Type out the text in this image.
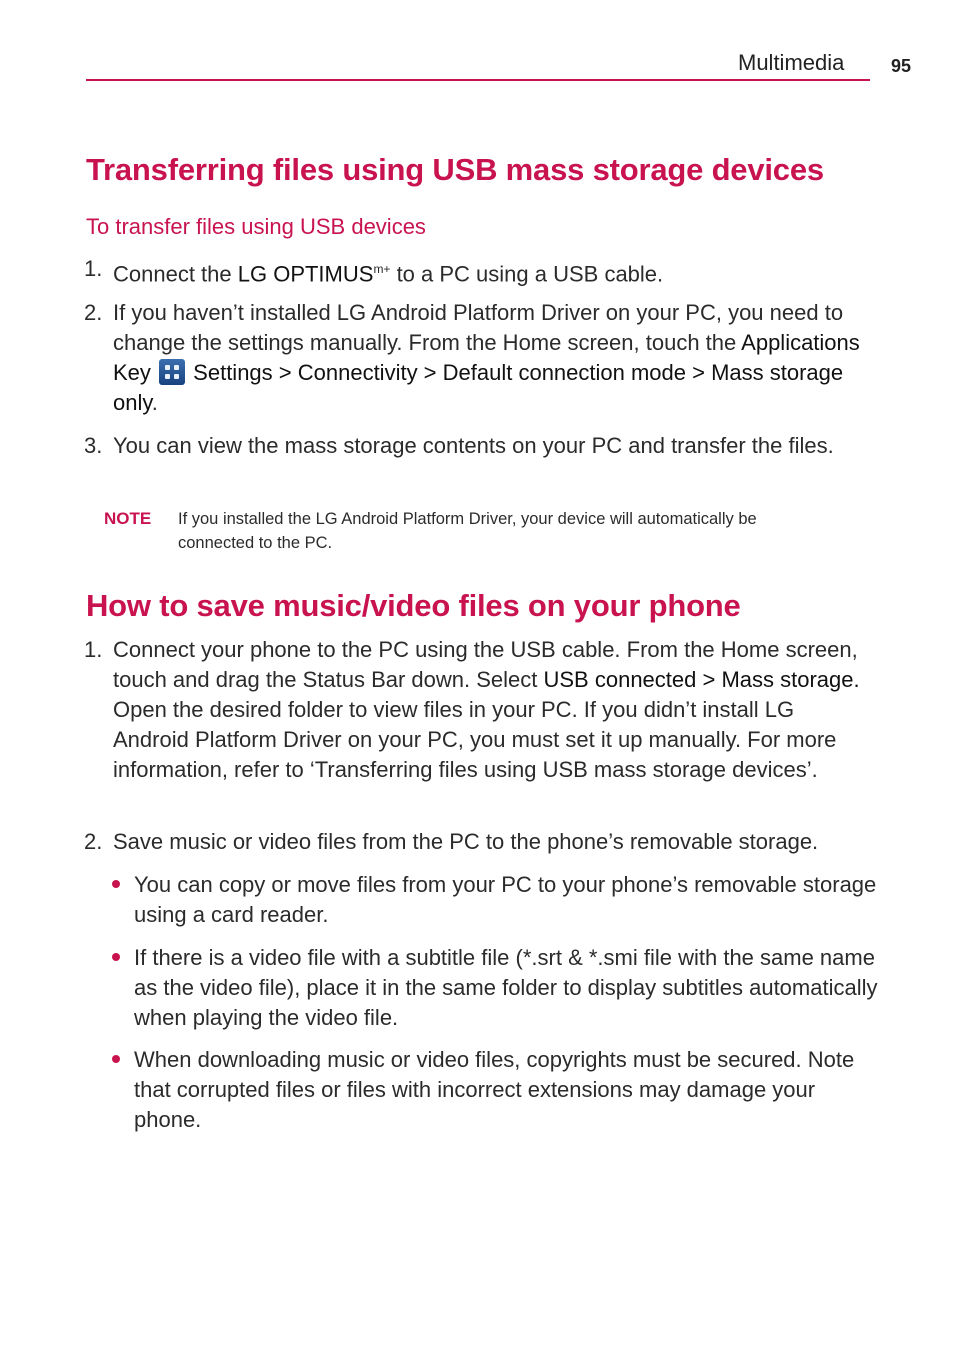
Multimedia	95
Transferring files using USB mass storage devices
To transfer files using USB devices
1. Connect the LG $OPTIMUS^{m+}$ to a PC using a USB cable.
2. If you haven’t installed LG Android Platform Driver on your PC, you need to change the settings manually. From the Home screen, touch the Applications Key Settings > Connectivity > Default connection mode > Mass storage only.
3. You can view the mass storage contents on your PC and transfer the files.
NOTE If you installed the LG Android Platform Driver, your device will automatically be connected to the PC.
How to save music/video files on your phone
1. Connect your phone to the PC using the USB cable. From the Home screen, touch and drag the Status Bar down. Select USB connected > Mass storage. Open the desired folder to view files in your PC. If you didn’t install LG Android Platform Driver on your PC, you must set it up manually. For more information, refer to ‘Transferring files using USB mass storage devices’.
2. Save music or video files from the PC to the phone’s removable storage.
You can copy or move files from your PC to your phone’s removable storage using a card reader.
If there is a video file with a subtitle file (*.srt & *.smi file with the same name as the video file), place it in the same folder to display subtitles automatically when playing the video file.
When downloading music or video files, copyrights must be secured. Note that corrupted files or files with incorrect extensions may damage your phone.
